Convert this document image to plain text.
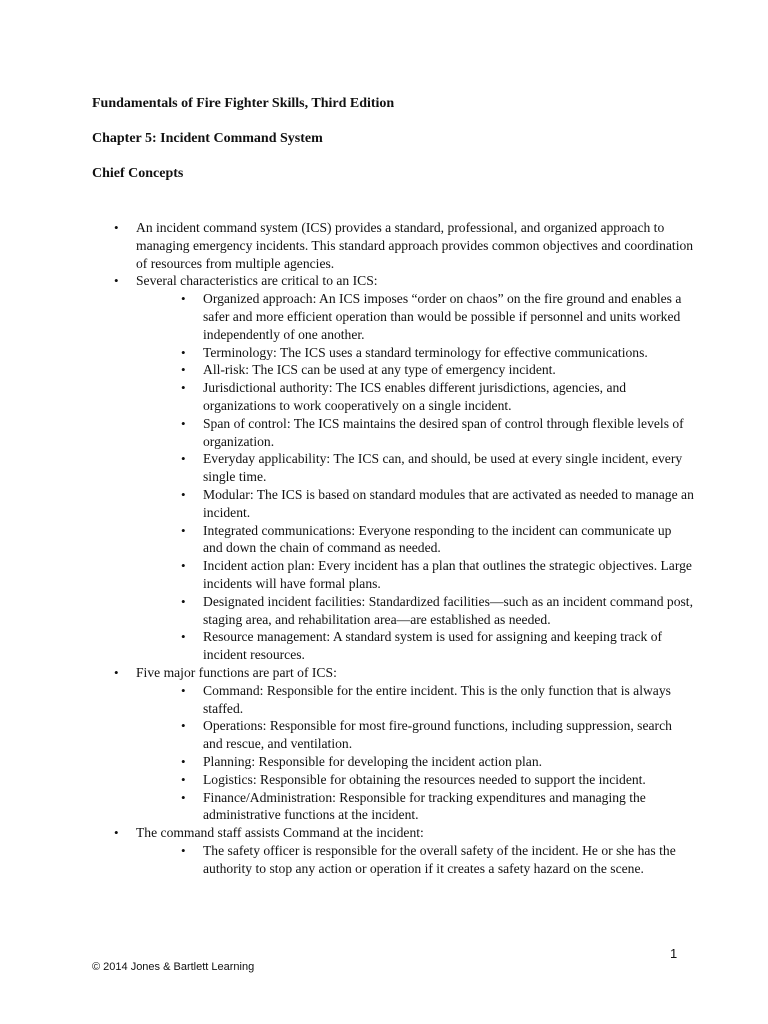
Fundamentals of Fire Fighter Skills, Third Edition
Chapter 5: Incident Command System
Chief Concepts
• An incident command system (ICS) provides a standard, professional, and organized approach to managing emergency incidents. This standard approach provides common objectives and coordination of resources from multiple agencies.
• Several characteristics are critical to an ICS:
• Organized approach: An ICS imposes “order on chaos” on the fire ground and enables a safer and more efficient operation than would be possible if personnel and units worked independently of one another.
• Terminology: The ICS uses a standard terminology for effective communications.
• All-risk: The ICS can be used at any type of emergency incident.
• Jurisdictional authority: The ICS enables different jurisdictions, agencies, and organizations to work cooperatively on a single incident.
• Span of control: The ICS maintains the desired span of control through flexible levels of organization.
• Everyday applicability: The ICS can, and should, be used at every single incident, every single time.
• Modular: The ICS is based on standard modules that are activated as needed to manage an incident.
• Integrated communications: Everyone responding to the incident can communicate up and down the chain of command as needed.
• Incident action plan: Every incident has a plan that outlines the strategic objectives. Large incidents will have formal plans.
• Designated incident facilities: Standardized facilities—such as an incident command post, staging area, and rehabilitation area—are established as needed.
• Resource management: A standard system is used for assigning and keeping track of incident resources.
• Five major functions are part of ICS:
• Command: Responsible for the entire incident. This is the only function that is always staffed.
• Operations: Responsible for most fire-ground functions, including suppression, search and rescue, and ventilation.
• Planning: Responsible for developing the incident action plan.
• Logistics: Responsible for obtaining the resources needed to support the incident.
• Finance/Administration: Responsible for tracking expenditures and managing the administrative functions at the incident.
• The command staff assists Command at the incident:
• The safety officer is responsible for the overall safety of the incident. He or she has the authority to stop any action or operation if it creates a safety hazard on the scene.
1
© 2014 Jones & Bartlett Learning
